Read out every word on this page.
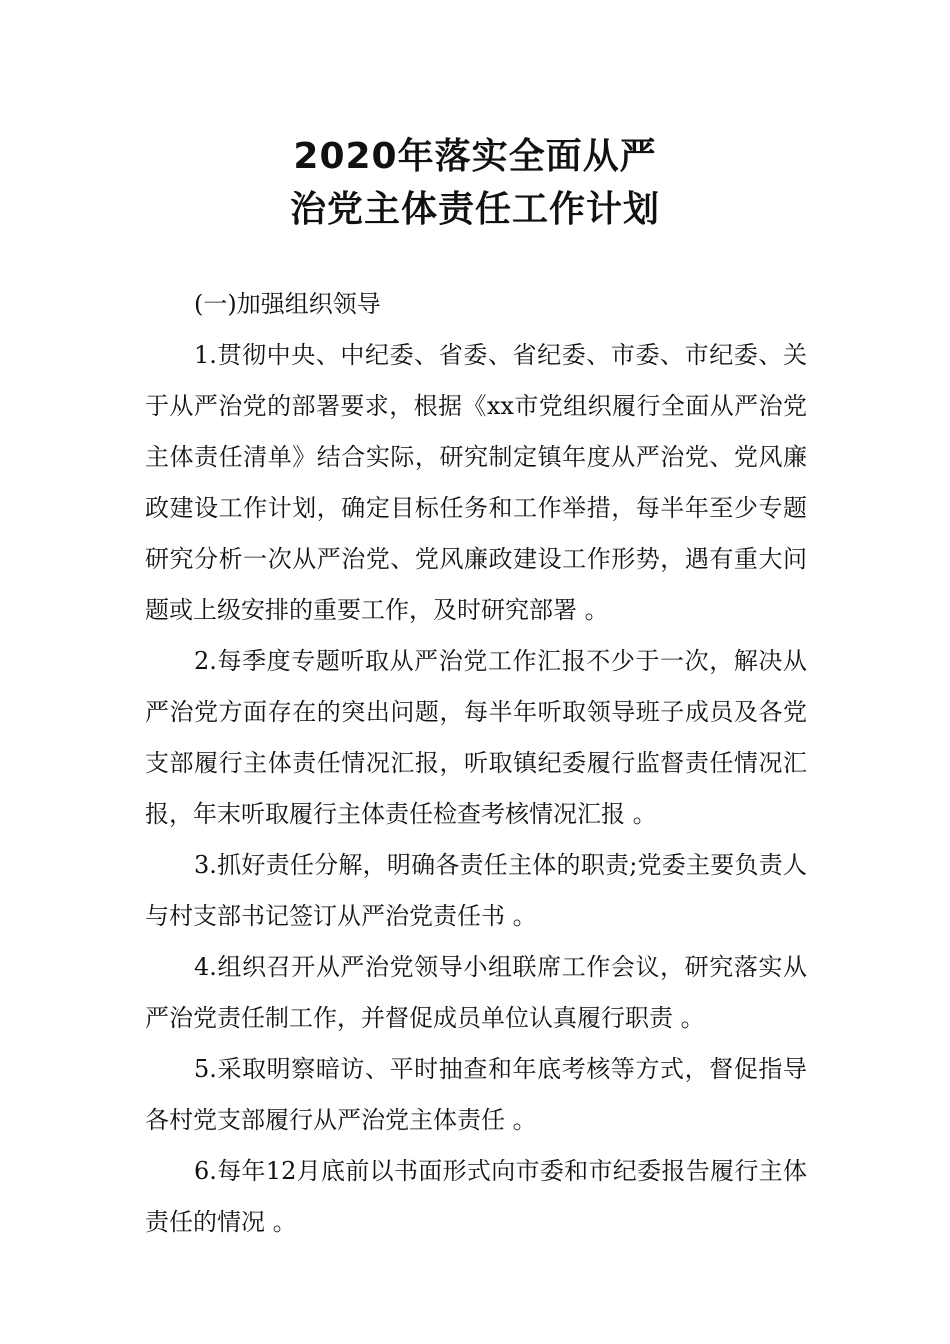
2020年落实全面从严
治党主体责任工作计划

(一)加强组织领导

1.贯彻中央、中纪委、省委、省纪委、市委、市纪委、关于从严治党的部署要求，根据《xx市党组织履行全面从严治党主体责任清单》结合实际，研究制定镇年度从严治党、党风廉政建设工作计划，确定目标任务和工作举措，每半年至少专题研究分析一次从严治党、党风廉政建设工作形势，遇有重大问题或上级安排的重要工作，及时研究部署 。

2.每季度专题听取从严治党工作汇报不少于一次，解决从严治党方面存在的突出问题，每半年听取领导班子成员及各党支部履行主体责任情况汇报，听取镇纪委履行监督责任情况汇报，年末听取履行主体责任检查考核情况汇报 。

3.抓好责任分解，明确各责任主体的职责;党委主要负责人与村支部书记签订从严治党责任书 。

4.组织召开从严治党领导小组联席工作会议，研究落实从严治党责任制工作，并督促成员单位认真履行职责 。

5.采取明察暗访、平时抽查和年底考核等方式，督促指导各村党支部履行从严治党主体责任 。

6.每年12月底前以书面形式向市委和市纪委报告履行主体责任的情况 。
